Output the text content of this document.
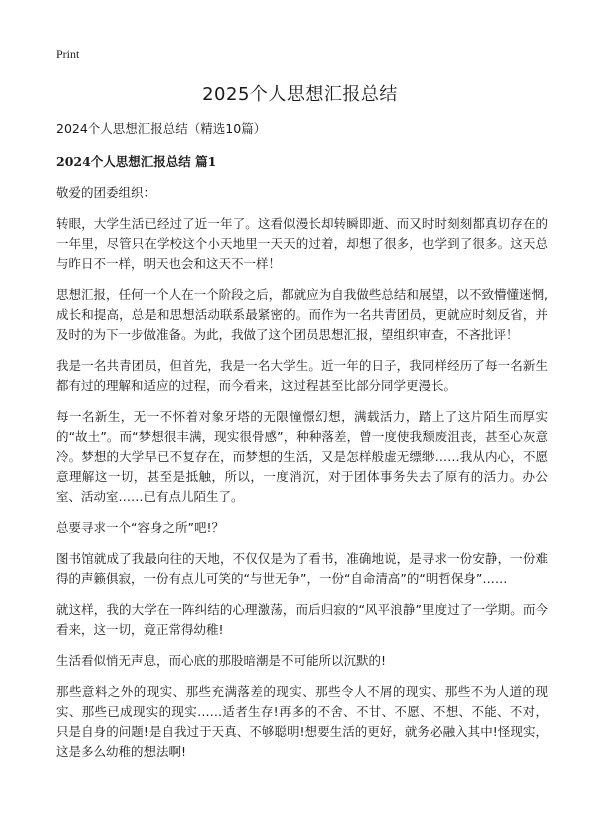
Print
2025个人思想汇报总结

2024个人思想汇报总结（精选10篇）

2024个人思想汇报总结 篇1

敬爱的团委组织：

转眼，大学生活已经过了近一年了。这看似漫长却转瞬即逝、而又时时刻刻都真切存在的一年里，尽管只在学校这个小天地里一天天的过着，却想了很多，也学到了很多。这天总与昨日不一样，明天也会和这天不一样！

思想汇报，任何一个人在一个阶段之后，都就应为自我做些总结和展望，以不致懵懂迷惘,成长和提高，总是和思想活动联系最紧密的。而作为一名共青团员，更就应时刻反省，并及时的为下一步做准备。为此，我做了这个团员思想汇报，望组织审查，不吝批评！

我是一名共青团员，但首先，我是一名大学生。近一年的日子，我同样经历了每一名新生都有过的理解和适应的过程，而今看来，这过程甚至比部分同学更漫长。

每一名新生，无一不怀着对象牙塔的无限憧憬幻想，满载活力，踏上了这片陌生而厚实的“故土”。而“梦想很丰满，现实很骨感”，种种落差，曾一度使我颓废沮丧，甚至心灰意冷。梦想的大学早已不复存在，而梦想的生活，又是怎样般虚无缥缈……我从内心，不愿意理解这一切，甚至是抵触，所以，一度消沉，对于团体事务失去了原有的活力。办公室、活动室……已有点儿陌生了。

总要寻求一个“容身之所”吧!？

图书馆就成了我最向往的天地，不仅仅是为了看书，准确地说，是寻求一份安静，一份难得的声籁俱寂，一份有点儿可笑的“与世无争”，一份“自命清高”的“明哲保身”……

就这样，我的大学在一阵纠结的心理激荡，而后归寂的“风平浪静”里度过了一学期。而今看来，这一切，竟正常得幼稚!

生活看似悄无声息，而心底的那股暗潮是不可能所以沉默的!

那些意料之外的现实、那些充满落差的现实、那些令人不屑的现实、那些不为人道的现实、那些已成现实的现实……适者生存!再多的不舍、不甘、不愿、不想、不能、不对，只是自身的问题!是自我过于天真、不够聪明!想要生活的更好，就务必融入其中!怪现实，这是多么幼稚的想法啊!
